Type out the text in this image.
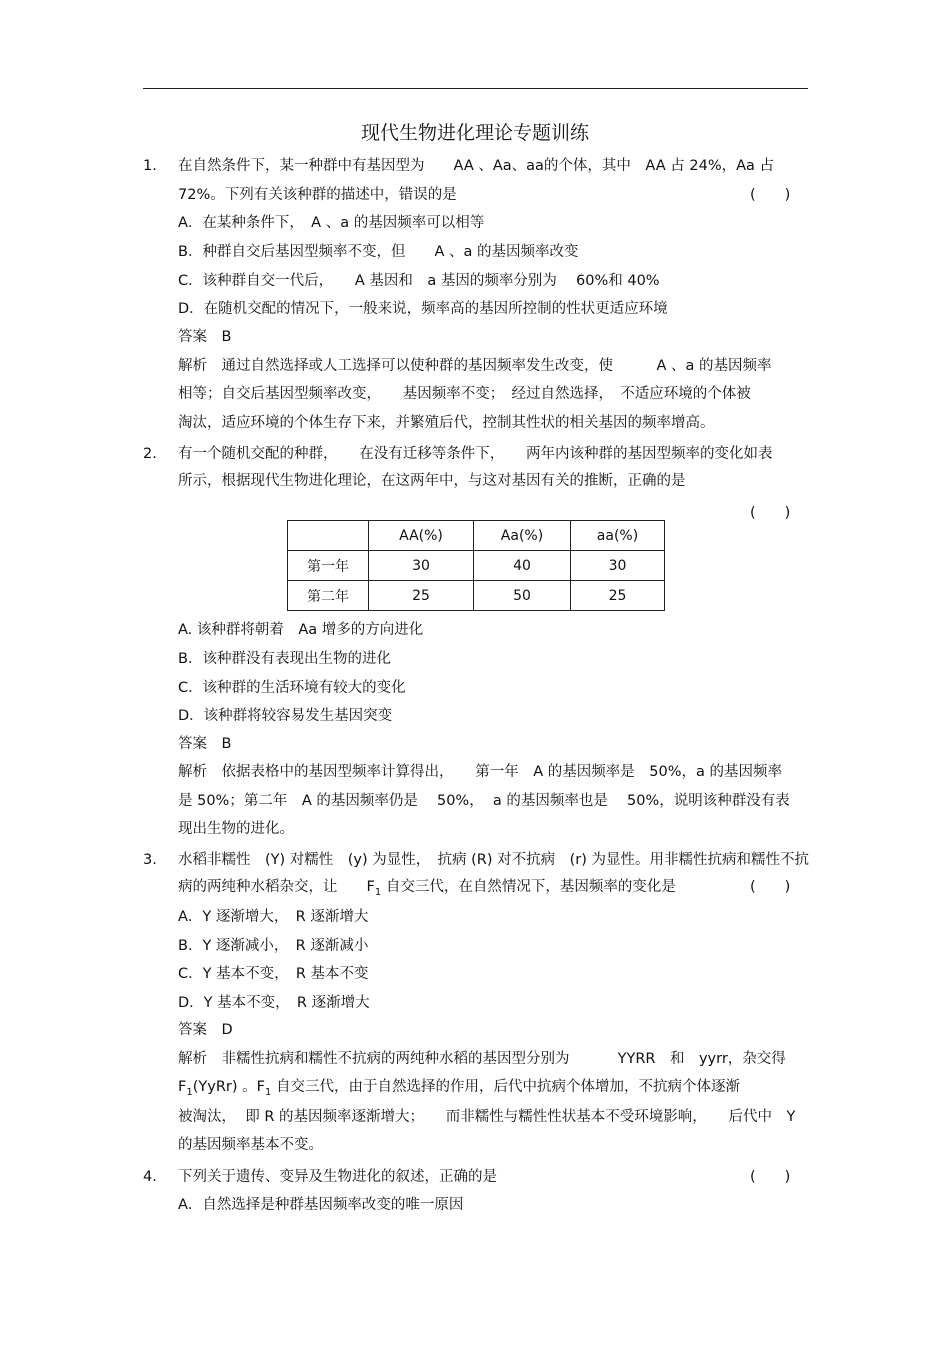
现代生物进化理论专题训练
1. 在自然条件下，某一种群中有基因型为　　AA 、Aa、aa的个体，其中　AA 占 24%，Aa 占
72%。下列有关该种群的描述中，错误的是	(　　)
A．在某种条件下，　A 、a 的基因频率可以相等
B．种群自交后基因型频率不变，但　　A 、a 的基因频率改变
C．该种群自交一代后，　　A 基因和　a 基因的频率分别为　 60%和 40%
D．在随机交配的情况下，一般来说，频率高的基因所控制的性状更适应环境
答案　B
解析　通过自然选择或人工选择可以使种群的基因频率发生改变，使　　　A 、a 的基因频率
相等；自交后基因型频率改变，　　基因频率不变；　经过自然选择，　不适应环境的个体被
淘汰，适应环境的个体生存下来，并繁殖后代，控制其性状的相关基因的频率增高。
2. 有一个随机交配的种群，　　在没有迁移等条件下，　　两年内该种群的基因型频率的变化如表
所示，根据现代生物进化理论，在这两年中，与这对基因有关的推断，正确的是
(　　)
	AA(%)	Aa(%)	aa(%)
第一年	30	40	30
第二年	25	50	25
A. 该种群将朝着　Aa 增多的方向进化
B．该种群没有表现出生物的进化
C．该种群的生活环境有较大的变化
D．该种群将较容易发生基因突变
答案　B
解析　依据表格中的基因型频率计算得出，　　第一年　A 的基因频率是　50%，a 的基因频率
是 50%；第二年　A 的基因频率仍是　 50%，  a 的基因频率也是　 50%，说明该种群没有表
现出生物的进化。
3. 水稻非糯性　(Y) 对糯性　(y) 为显性，　抗病 (R) 对不抗病　(r) 为显性。用非糯性抗病和糯性不抗
病的两纯种水稻杂交，让　　$F_1$ 自交三代，在自然情况下，基因频率的变化是	(　　)
A．Y 逐渐增大，　R 逐渐增大
B．Y 逐渐减小，　R 逐渐减小
C．Y 基本不变，　R 基本不变
D．Y 基本不变，　R 逐渐增大
答案　D
解析　非糯性抗病和糯性不抗病的两纯种水稻的基因型分别为　　　 YYRR　和　yyrr，杂交得
$F_1(YyRr)$ 。$F_1$ 自交三代，由于自然选择的作用，后代中抗病个体增加，不抗病个体逐渐
被淘汰，  即 R 的基因频率逐渐增大；　　而非糯性与糯性性状基本不受环境影响，　　后代中　Y
的基因频率基本不变。
4. 下列关于遗传、变异及生物进化的叙述，正确的是	(　　)
A．自然选择是种群基因频率改变的唯一原因
